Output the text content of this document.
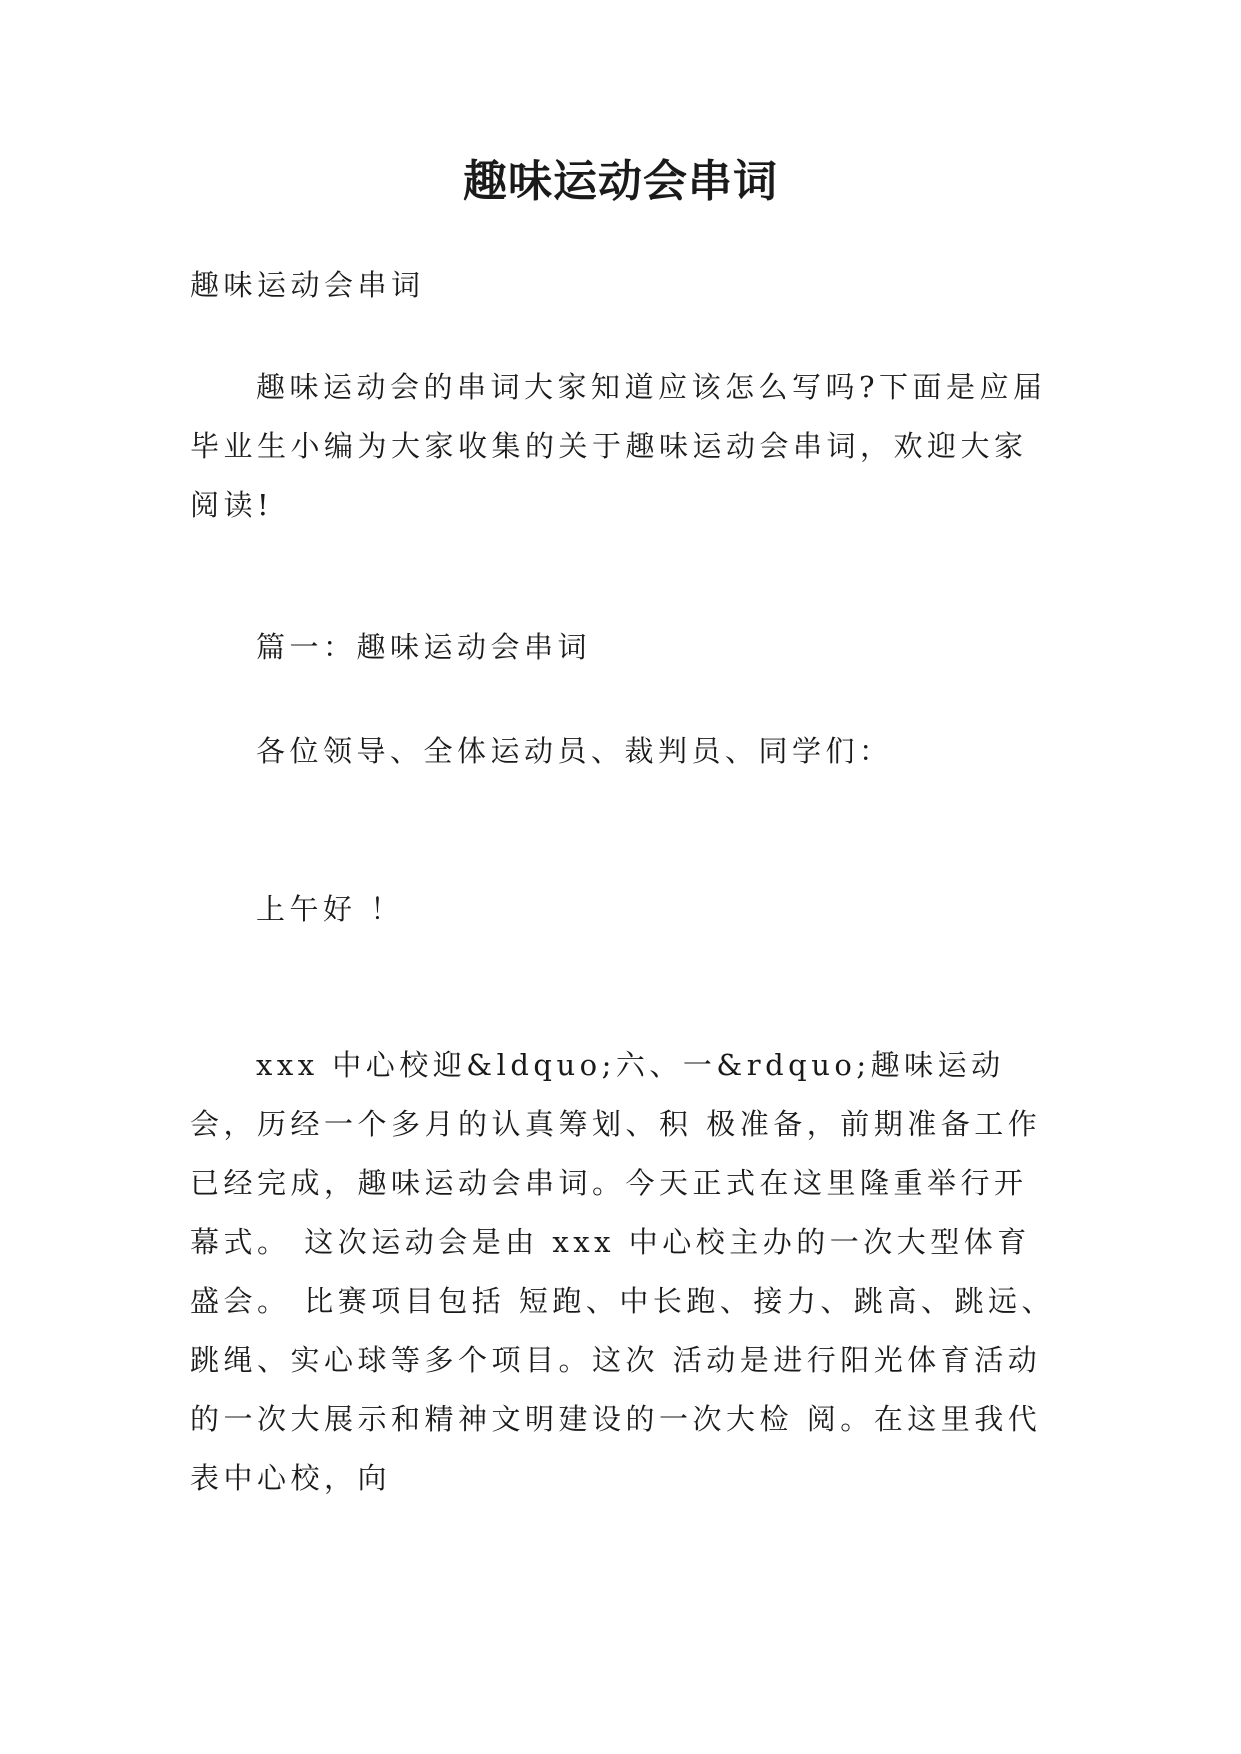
趣味运动会串词

趣味运动会串词

趣味运动会的串词大家知道应该怎么写吗?下面是应届毕业生小编为大家收集的关于趣味运动会串词，欢迎大家阅读!

篇一：趣味运动会串词

各位领导、全体运动员、裁判员、同学们：

上午好 ！

xxx 中心校迎&ldquo;六、一&rdquo;趣味运动会，历经一个多月的认真筹划、积 极准备，前期准备工作已经完成，趣味运动会串词。今天正式在这里隆重举行开幕式。 这次运动会是由 xxx 中心校主办的一次大型体育盛会。 比赛项目包括 短跑、中长跑、接力、跳高、跳远、跳绳、实心球等多个项目。这次 活动是进行阳光体育活动的一次大展示和精神文明建设的一次大检 阅。在这里我代表中心校，向
